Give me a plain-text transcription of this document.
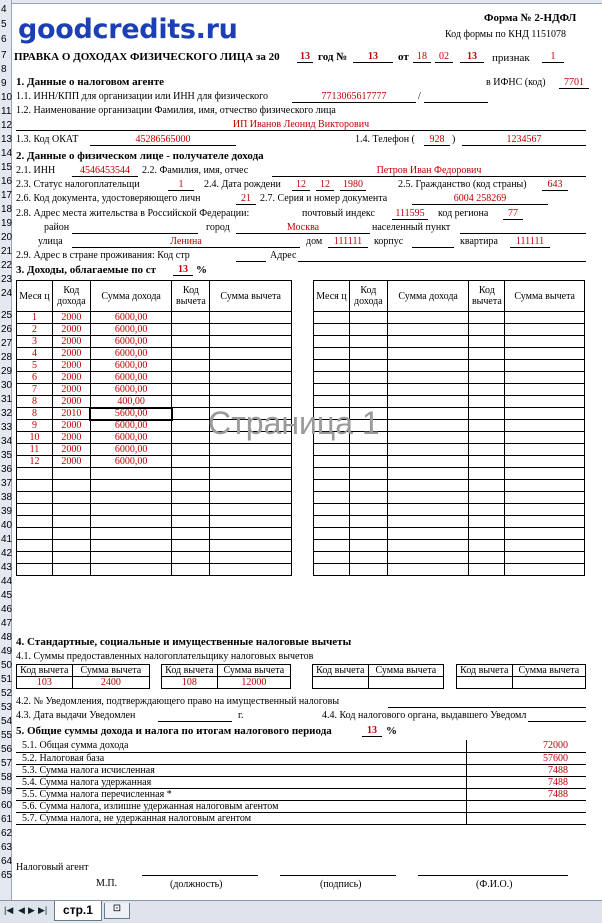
4
5
6
7
8
9
10
11
12
13
14
15
16
17
18
19
20
21
22
23
24
25
26
27
28
29
30
31
32
33
34
35
36
37
38
39
40
41
42
43
44
45
46
47
48
49
50
51
52
53
54
55
56
57
58
59
60
61
62
63
64
65
goodcredits.ru	Форма № 2-НДФЛ
Код формы по КНД 1151078
ПРАВКА О ДОХОДАХ ФИЗИЧЕСКОГО ЛИЦА за 20	13 год №	13	от 18	02	13	признак	1
1. Данные о налоговом агенте	в ИФНС (код)	7701
1.1. ИНН/КПП для организации или ИНН для физического	7713065617777	/
1.2. Наименование организации Фамилия, имя, отчество физического лица
ИП Иванов Леонид Викторович
1.3. Код ОКАТ	45286565000	1.4. Телефон (	928 )	1234567
2. Данные о физическом лице - получателе дохода
2.1. ИНН	4546453544	2.2. Фамилия, имя, отчес	Петров Иван Федорович
2.3. Статус налогоплательщи	1	2.4. Дата рождени	12	12	1980	2.5. Гражданство (код страны)	643
2.6. Код документа, удостоверяющего личн	21 2.7. Серия и номер документа	6004 258269
2.8. Адрес места жительства в Российской Федерации:	почтовый индекс	111595	код региона	77
район	город	Москва	населенный пункт
улица	Ленина	дом	111111	корпус	квартира	111111
2.9. Адрес в стране проживания: Код стр	Адрес
3. Доходы, облагаемые по ст	13 %
Меся ц	Код дохода	Сумма дохода	Код вычета	Сумма вычета
1	2000	6000,00		
2	2000	6000,00		
3	2000	6000,00		
4	2000	6000,00		
5	2000	6000,00		
6	2000	6000,00		
7	2000	6000,00		
8	2000	400,00		
8	2010	5600,00		
9	2000	6000,00		
10	2000	6000,00		
11	2000	6000,00		
12	2000	6000,00		

Меся ц	Код дохода	Сумма дохода	Код вычета	Сумма вычета

Страница 1
4. Стандартные, социальные и имущественные налоговые вычеты
4.1. Суммы предоставленных налогоплательщику налоговых вычетов
Код вычета	Сумма вычета
103	2400
Код вычета	Сумма вычета
108	12000
Код вычета	Сумма вычета
	Код вычета	Сумма вычета

4.2. № Уведомления, подтверждающего право на имущественный налоговы
4.3. Дата выдачи Уведомлен	г.	4.4. Код налогового органа, выдавшего Уведомл
5. Общие суммы дохода и налога по итогам налогового периода	13 %
5.1. Общая сумма дохода	72000
5.2. Налоговая база	57600
5.3. Сумма налога исчисленная	7488
5.4. Сумма налога удержанная	7488
5.5. Сумма налога перечисленная *	7488
5.6. Сумма налога, излишне удержанная налоговым агентом	
5.7. Сумма налога, не удержанная налоговым агентом	
Налоговый агент
М.П.	(должность)	(подпись)	(Ф.И.О.)
|◀ ◀ ▶ ▶|	стр.1	⊡
